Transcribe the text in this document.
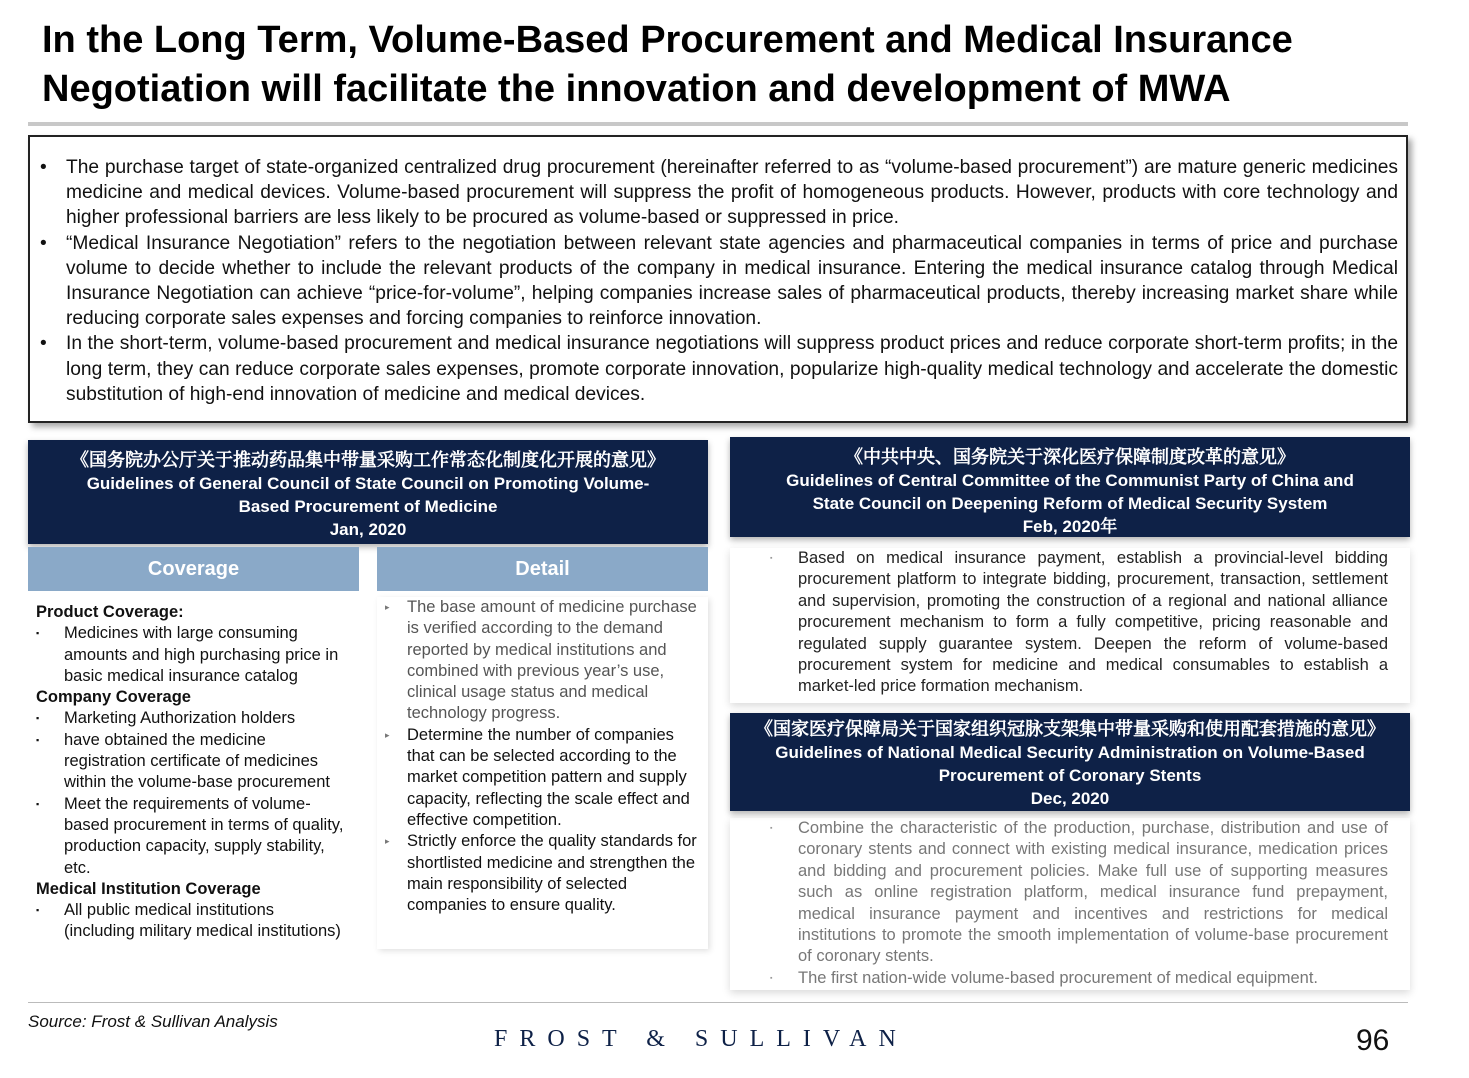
In the Long Term, Volume-Based Procurement and Medical Insurance Negotiation will facilitate the innovation and development of MWA
• The purchase target of state-organized centralized drug procurement (hereinafter referred to as “volume-based procurement”) are mature generic medicines medicine and medical devices. Volume-based procurement will suppress the profit of homogeneous products. However, products with core technology and higher professional barriers are less likely to be procured as volume-based or suppressed in price.
• “Medical Insurance Negotiation” refers to the negotiation between relevant state agencies and pharmaceutical companies in terms of price and purchase volume to decide whether to include the relevant products of the company in medical insurance. Entering the medical insurance catalog through Medical Insurance Negotiation can achieve “price-for-volume”, helping companies increase sales of pharmaceutical products, thereby increasing market share while reducing corporate sales expenses and forcing companies to reinforce innovation.
• In the short-term, volume-based procurement and medical insurance negotiations will suppress product prices and reduce corporate short-term profits; in the long term, they can reduce corporate sales expenses, promote corporate innovation, popularize high-quality medical technology and accelerate the domestic substitution of high-end innovation of medicine and medical devices.
《国务院办公厅关于推动药品集中带量采购工作常态化制度化开展的意见》
Guidelines of General Council of State Council on Promoting Volume-
Based Procurement of Medicine
Jan, 2020
Coverage	Detail
Product Coverage:
▪ Medicines with large consuming amounts and high purchasing price in basic medical insurance catalog
Company Coverage
▪ Marketing Authorization holders
▪ have obtained the medicine registration certificate of medicines within the volume-base procurement
▪ Meet the requirements of volume-based procurement in terms of quality, production capacity, supply stability, etc.
Medical Institution Coverage
▪ All public medical institutions (including military medical institutions)
▸ The base amount of medicine purchase is verified according to the demand reported by medical institutions and combined with previous year’s use, clinical usage status and medical technology progress.
▸ Determine the number of companies that can be selected according to the market competition pattern and supply capacity, reflecting the scale effect and effective competition.
▸ Strictly enforce the quality standards for shortlisted medicine and strengthen the main responsibility of selected companies to ensure quality.
《中共中央、国务院关于深化医疗保障制度改革的意见》
Guidelines of Central Committee of the Communist Party of China and
State Council on Deepening Reform of Medical Security System
Feb, 2020年
▪ Based on medical insurance payment, establish a provincial-level bidding procurement platform to integrate bidding, procurement, transaction, settlement and supervision, promoting the construction of a regional and national alliance procurement mechanism to form a fully competitive, pricing reasonable and regulated supply guarantee system. Deepen the reform of volume-based procurement system for medicine and medical consumables to establish a market-led price formation mechanism.
《国家医疗保障局关于国家组织冠脉支架集中带量采购和使用配套措施的意见》
Guidelines of National Medical Security Administration on Volume-Based
Procurement of Coronary Stents
Dec, 2020
▪ Combine the characteristic of the production, purchase, distribution and use of coronary stents and connect with existing medical insurance, medication prices and bidding and procurement policies. Make full use of supporting measures such as online registration platform, medical insurance fund prepayment, medical insurance payment and incentives and restrictions for medical institutions to promote the smooth implementation of volume-base procurement of coronary stents.
▪ The first nation-wide volume-based procurement of medical equipment.
Source: Frost & Sullivan Analysis
FROST & SULLIVAN	96
